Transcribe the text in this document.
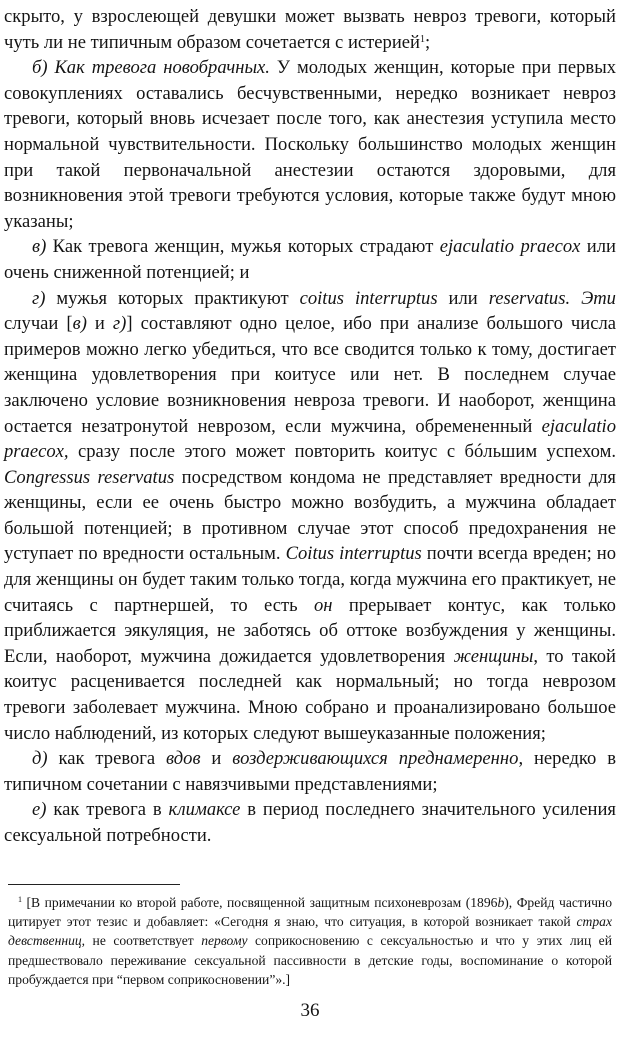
скрыто, у взрослеющей девушки может вызвать невроз тревоги, который чуть ли не типичным образом сочетается с истерией$^1$;

б) Как тревога новобрачных. У молодых женщин, которые при первых совокуплениях оставались бесчувственными, нередко возникает невроз тревоги, который вновь исчезает после того, как анестезия уступила место нормальной чувствительности. Поскольку большинство молодых женщин при такой первоначальной анестезии остаются здоровыми, для возникновения этой тревоги требуются условия, которые также будут мною указаны;

в) Как тревога женщин, мужья которых страдают ejaculatio praecox или очень сниженной потенцией; и

г) мужья которых практикуют coitus interruptus или reservatus. Эти случаи [в) и г)] составляют одно целое, ибо при анализе большого числа примеров можно легко убедиться, что все сводится только к тому, достигает женщина удовлетворения при коитусе или нет. В последнем случае заключено условие возникновения невроза тревоги. И наоборот, женщина остается незатронутой неврозом, если мужчина, обремененный ejaculatio praecox, сразу после этого может повторить коитус с бóльшим успехом. Congressus reservatus посредством кондома не представляет вредности для женщины, если ее очень быстро можно возбудить, а мужчина обладает большой потенцией; в противном случае этот способ предохранения не уступает по вредности остальным. Coitus interruptus почти всегда вреден; но для женщины он будет таким только тогда, когда мужчина его практикует, не считаясь с партнершей, то есть он прерывает контус, как только приближается эякуляция, не заботясь об оттоке возбуждения у женщины. Если, наоборот, мужчина дожидается удовлетворения женщины, то такой коитус расценивается последней как нормальный; но тогда неврозом тревоги заболевает мужчина. Мною собрано и проанализировано большое число наблюдений, из которых следуют вышеуказанные положения;

д) как тревога вдов и воздерживающихся преднамеренно, нередко в типичном сочетании с навязчивыми представлениями;

е) как тревога в климаксе в период последнего значительного усиления сексуальной потребности.

$^1$ [В примечании ко второй работе, посвященной защитным психоневрозам (1896b), Фрейд частично цитирует этот тезис и добавляет: «Сегодня я знаю, что ситуация, в которой возникает такой страх девственниц, не соответствует первому соприкосновению с сексуальностью и что у этих лиц ей предшествовало переживание сексуальной пассивности в детские годы, воспоминание о которой пробуждается при “первом соприкосновении”».]
36
